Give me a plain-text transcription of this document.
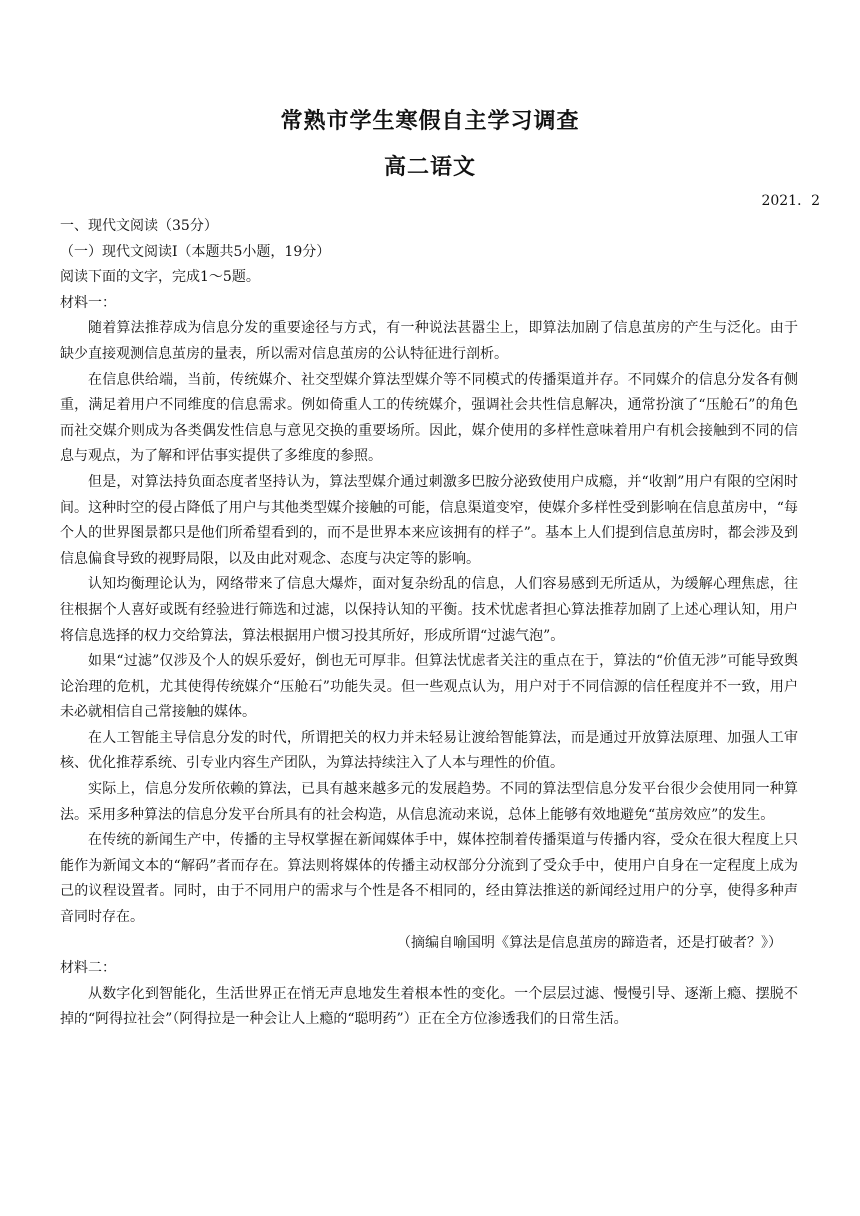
常熟市学生寒假自主学习调查
高二语文
2021．2

一、现代文阅读（35分）

（一）现代文阅读Ⅰ（本题共5小题，19分）

阅读下面的文字，完成1～5题。

材料一：

随着算法推荐成为信息分发的重要途径与方式，有一种说法甚嚣尘上，即算法加剧了信息茧房的产生与泛化。由于缺少直接观测信息茧房的量表，所以需对信息茧房的公认特征进行剖析。

在信息供给端，当前，传统媒介、社交型媒介算法型媒介等不同模式的传播渠道并存。不同媒介的信息分发各有侧重，满足着用户不同维度的信息需求。例如倚重人工的传统媒介，强调社会共性信息解决，通常扮演了“压舱石”的角色而社交媒介则成为各类偶发性信息与意见交换的重要场所。因此，媒介使用的多样性意味着用户有机会接触到不同的信息与观点，为了解和评估事实提供了多维度的参照。

但是，对算法持负面态度者坚持认为，算法型媒介通过刺激多巴胺分泌致使用户成瘾，并“收割”用户有限的空闲时间。这种时空的侵占降低了用户与其他类型媒介接触的可能，信息渠道变窄，使媒介多样性受到影响在信息茧房中，“每个人的世界图景都只是他们所希望看到的，而不是世界本来应该拥有的样子”。基本上人们提到信息茧房时，都会涉及到信息偏食导致的视野局限，以及由此对观念、态度与决定等的影响。

认知均衡理论认为，网络带来了信息大爆炸，面对复杂纷乱的信息，人们容易感到无所适从，为缓解心理焦虑，往往根据个人喜好或既有经验进行筛选和过滤，以保持认知的平衡。技术忧虑者担心算法推荐加剧了上述心理认知，用户将信息选择的权力交给算法，算法根据用户惯习投其所好，形成所谓“过滤气泡”。

如果“过滤”仅涉及个人的娱乐爱好，倒也无可厚非。但算法忧虑者关注的重点在于，算法的“价值无涉”可能导致舆论治理的危机，尤其使得传统媒介“压舱石”功能失灵。但一些观点认为，用户对于不同信源的信任程度并不一致，用户未必就相信自己常接触的媒体。

在人工智能主导信息分发的时代，所谓把关的权力并未轻易让渡给智能算法，而是通过开放算法原理、加强人工审核、优化推荐系统、引专业内容生产团队，为算法持续注入了人本与理性的价值。

实际上，信息分发所依赖的算法，已具有越来越多元的发展趋势。不同的算法型信息分发平台很少会使用同一种算法。采用多种算法的信息分发平台所具有的社会构造，从信息流动来说，总体上能够有效地避免“茧房效应”的发生。

在传统的新闻生产中，传播的主导权掌握在新闻媒体手中，媒体控制着传播渠道与传播内容，受众在很大程度上只能作为新闻文本的“解码”者而存在。算法则将媒体的传播主动权部分分流到了受众手中，使用户自身在一定程度上成为己的议程设置者。同时，由于不同用户的需求与个性是各不相同的，经由算法推送的新闻经过用户的分享，使得多种声音同时存在。

（摘编自喻国明《算法是信息茧房的蹄造者，还是打破者？》）

材料二：

从数字化到智能化，生活世界正在悄无声息地发生着根本性的变化。一个层层过滤、慢慢引导、逐渐上瘾、摆脱不掉的“阿得拉社会”（阿得拉是一种会让人上瘾的“聪明药”）正在全方位渗透我们的日常生活。
